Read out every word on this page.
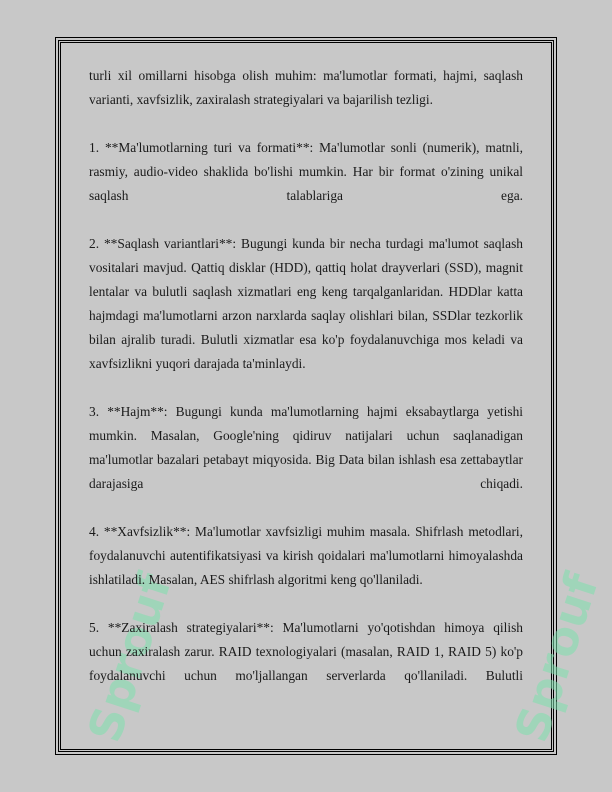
Sprouf	Sprouf

turli xil omillarni hisobga olish muhim: ma'lumotlar formati, hajmi, saqlash varianti, xavfsizlik, zaxiralash strategiyalari va bajarilish tezligi.

1. **Ma'lumotlarning turi va formati**: Ma'lumotlar sonli (numerik), matnli, rasmiy, audio-video shaklida bo'lishi mumkin. Har bir format o'zining unikal saqlash talablariga ega.

2. **Saqlash variantlari**: Bugungi kunda bir necha turdagi ma'lumot saqlash vositalari mavjud. Qattiq disklar (HDD), qattiq holat drayverlari (SSD), magnit lentalar va bulutli saqlash xizmatlari eng keng tarqalganlaridan. HDDlar katta hajmdagi ma'lumotlarni arzon narxlarda saqlay olishlari bilan, SSDlar tezkorlik bilan ajralib turadi. Bulutli xizmatlar esa ko'p foydalanuvchiga mos keladi va xavfsizlikni yuqori darajada ta'minlaydi.

3. **Hajm**: Bugungi kunda ma'lumotlarning hajmi eksabaytlarga yetishi mumkin. Masalan, Google'ning qidiruv natijalari uchun saqlanadigan ma'lumotlar bazalari petabayt miqyosida. Big Data bilan ishlash esa zettabaytlar darajasiga chiqadi.

4. **Xavfsizlik**: Ma'lumotlar xavfsizligi muhim masala. Shifrlash metodlari, foydalanuvchi autentifikatsiyasi va kirish qoidalari ma'lumotlarni himoyalashda ishlatiladi. Masalan, AES shifrlash algoritmi keng qo'llaniladi.

5. **Zaxiralash strategiyalari**: Ma'lumotlarni yo'qotishdan himoya qilish uchun zaxiralash zarur. RAID texnologiyalari (masalan, RAID 1, RAID 5) ko'p foydalanuvchi uchun mo'ljallangan serverlarda qo'llaniladi. Bulutli
